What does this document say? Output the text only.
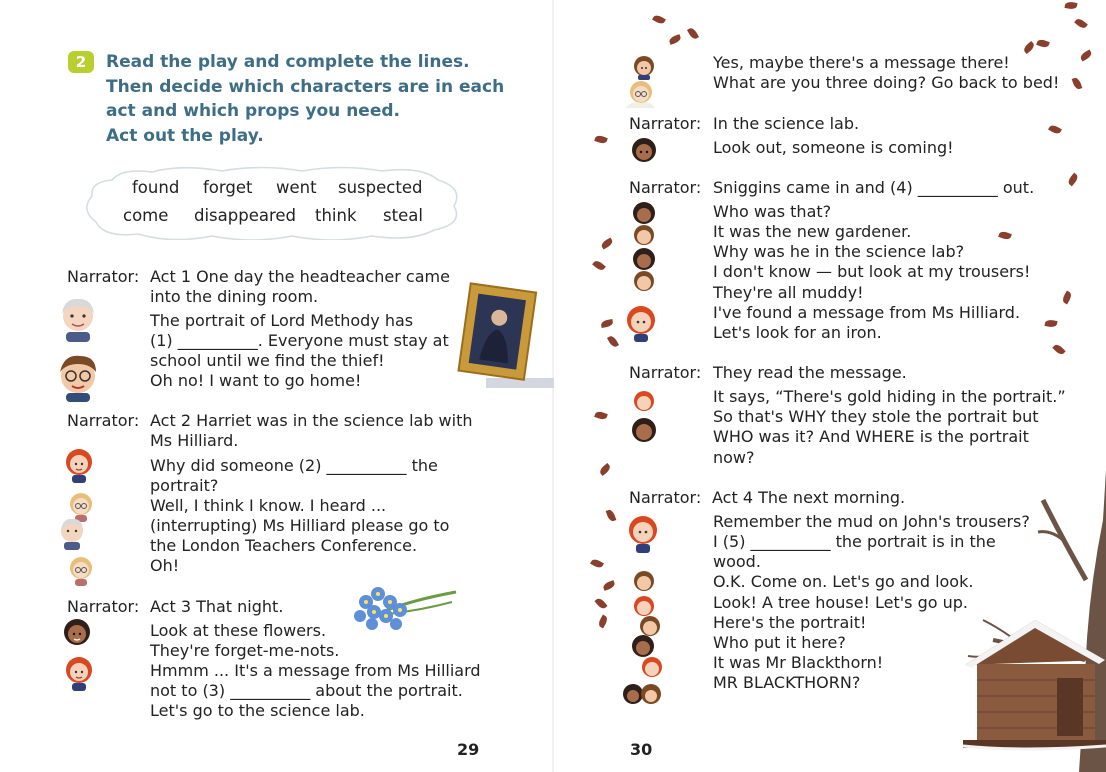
2	Read the play and complete the lines.
Then decide which characters are in each
act and which props you need.
Act out the play.
found forget went suspected
come disappeared think steal
Narrator: Act 1 One day the headteacher came
into the dining room.
The portrait of Lord Methody has
(1) __________. Everyone must stay at
school until we find the thief!
Oh no! I want to go home!
Narrator: Act 2 Harriet was in the science lab with
Ms Hilliard.
Why did someone (2) __________ the
portrait?
Well, I think I know. I heard ...
(interrupting) Ms Hilliard please go to
the London Teachers Conference.
Oh!
Narrator: Act 3 That night.
Look at these flowers.
They're forget-me-nots.
Hmmm ... It's a message from Ms Hilliard
not to (3) __________ about the portrait.
Let's go to the science lab.
29
Yes, maybe there's a message there!
What are you three doing? Go back to bed!
Narrator: In the science lab.
Look out, someone is coming!
Narrator: Sniggins came in and (4) __________ out.
Who was that?
It was the new gardener.
Why was he in the science lab?
I don't know — but look at my trousers!
They're all muddy!
I've found a message from Ms Hilliard.
Let's look for an iron.
Narrator: They read the message.
It says, “There's gold hiding in the portrait.”
So that's WHY they stole the portrait but
WHO was it? And WHERE is the portrait
now?
Narrator: Act 4 The next morning.
Remember the mud on John's trousers?
I (5) __________ the portrait is in the
wood.
O.K. Come on. Let's go and look.
Look! A tree house! Let's go up.
Here's the portrait!
Who put it here?
It was Mr Blackthorn!
MR BLACKTHORN?
30
